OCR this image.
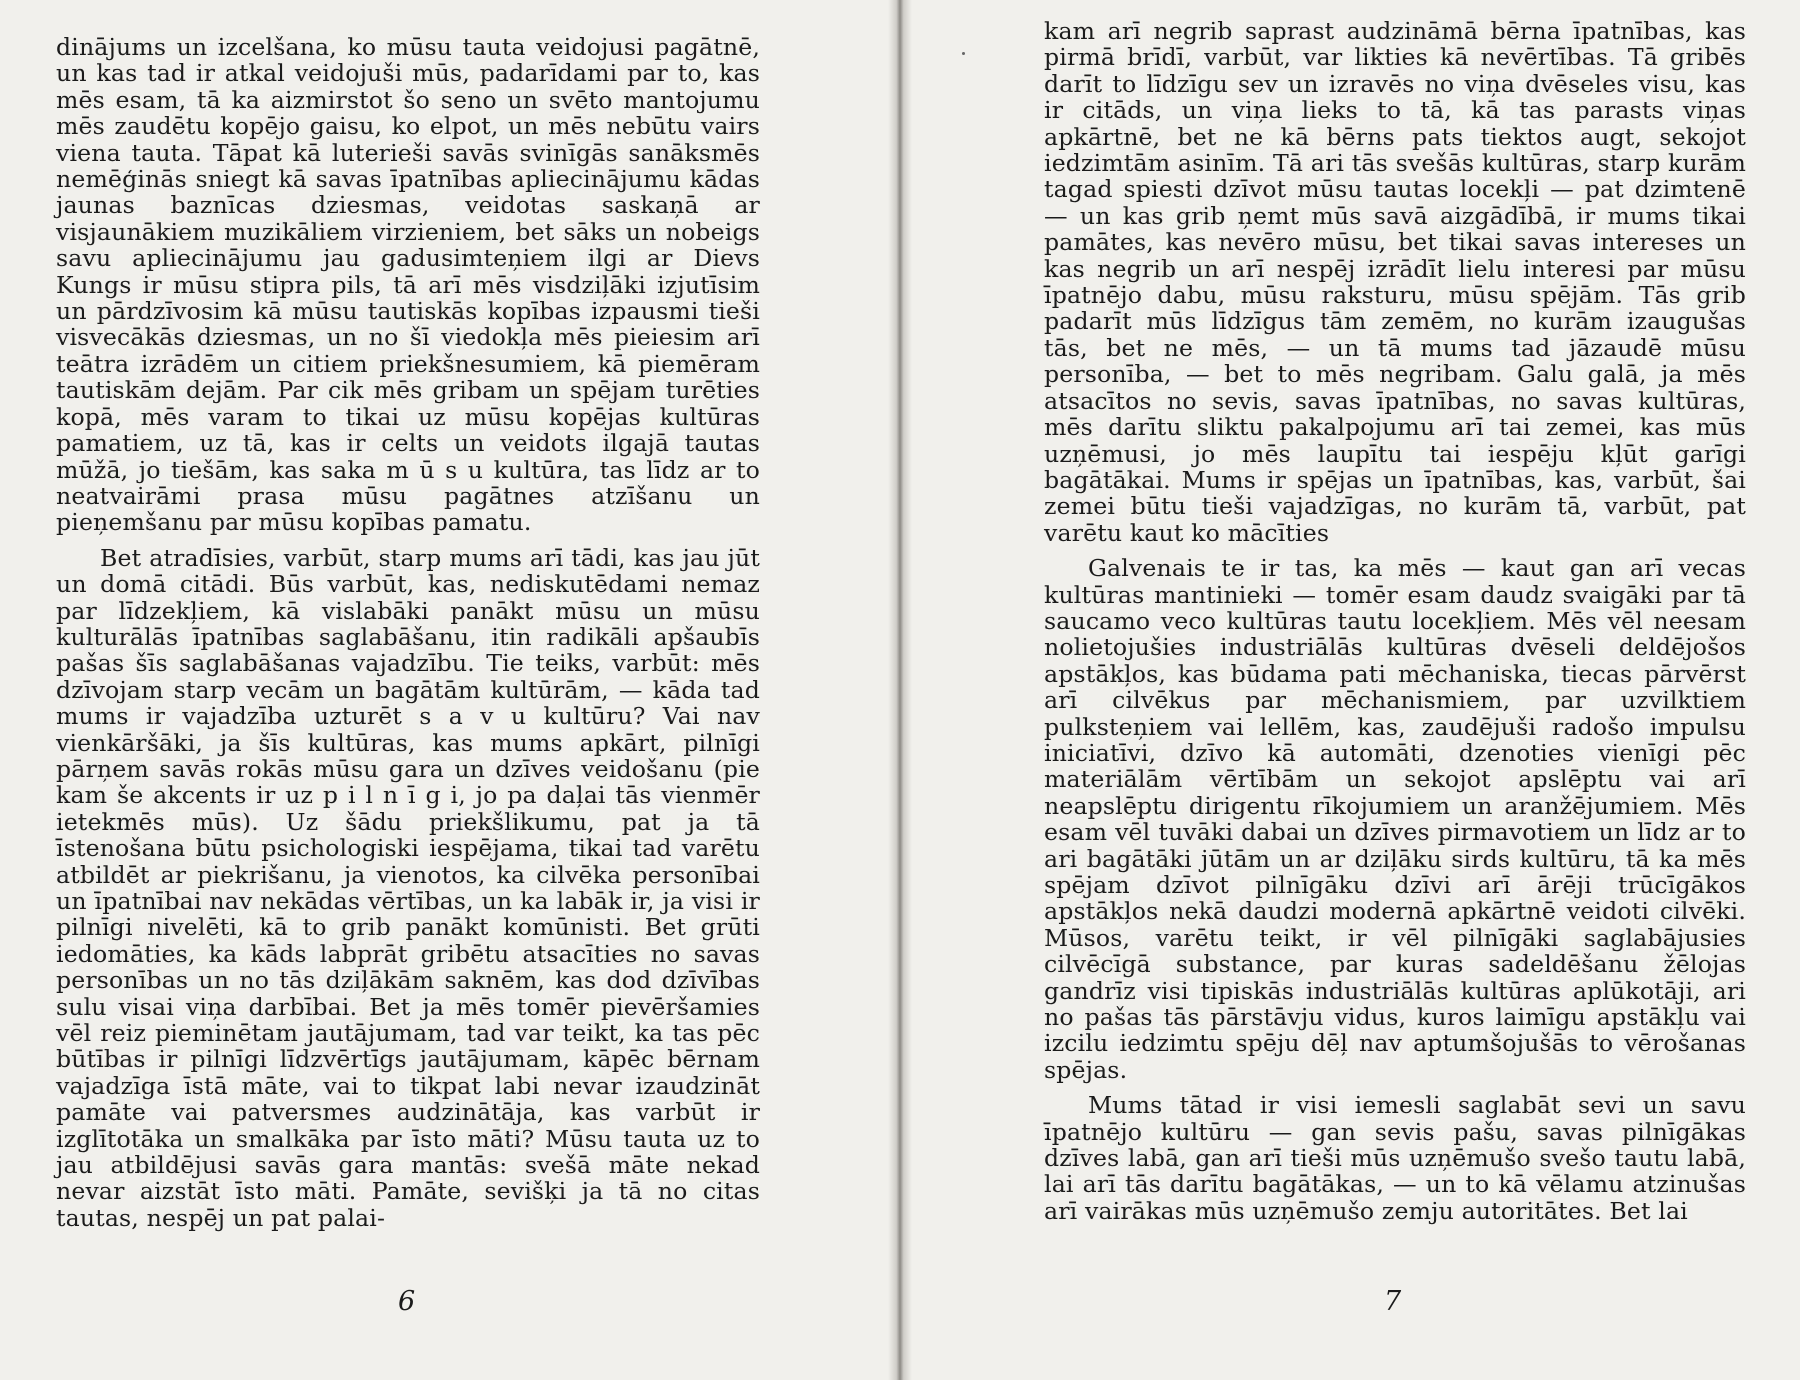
dinājums un izcelšana, ko mūsu tauta veidojusi pagātnē, un kas tad ir atkal veidojuši mūs, padarīdami par to, kas mēs esam, tā ka aizmirstot šo seno un svēto mantojumu mēs zaudētu kopējo gaisu, ko elpot, un mēs nebūtu vairs viena tauta. Tāpat kā luterieši savās svinīgās sanāksmēs nemēģinās sniegt kā savas īpatnības apliecinājumu kādas jaunas baznīcas dziesmas, veidotas saskaņā ar visjaunākiem muzikāliem virzieniem, bet sāks un nobeigs savu apliecinājumu jau gadusimteņiem ilgi ar Dievs Kungs ir mūsu stipra pils, tā arī mēs visdziļāki izjutīsim un pārdzīvosim kā mūsu tautiskās kopības izpausmi tieši visvecākās dziesmas, un no šī viedokļa mēs pieiesim arī teātra izrādēm un citiem priekšnesumiem, kā piemēram tautiskām dejām. Par cik mēs gribam un spējam turēties kopā, mēs varam to tikai uz mūsu kopējas kultūras pamatiem, uz tā, kas ir celts un veidots ilgajā tautas mūžā, jo tiešām, kas saka m ū s u kultūra, tas līdz ar to neatvairāmi prasa mūsu pagātnes atzīšanu un pieņemšanu par mūsu kopības pamatu.

Bet atradīsies, varbūt, starp mums arī tādi, kas jau jūt un domā citādi. Būs varbūt, kas, nediskutēdami nemaz par līdzekļiem, kā vislabāki panākt mūsu un mūsu kulturālās īpatnības saglabāšanu, itin radikāli apšaubīs pašas šīs saglabāšanas vajadzību. Tie teiks, varbūt: mēs dzīvojam starp vecām un bagātām kultūrām, — kāda tad mums ir vajadzība uzturēt s a v u kultūru? Vai nav vienkāršāki, ja šīs kultūras, kas mums apkārt, pilnīgi pārņem savās rokās mūsu gara un dzīves veidošanu (pie kam še akcents ir uz p i l n ī g i, jo pa daļai tās vienmēr ietekmēs mūs). Uz šādu priekšlikumu, pat ja tā īstenošana būtu psichologiski iespējama, tikai tad varētu atbildēt ar piekrišanu, ja vienotos, ka cilvēka personībai un īpatnībai nav nekādas vērtības, un ka labāk ir, ja visi ir pilnīgi nivelēti, kā to grib panākt komūnisti. Bet grūti iedomāties, ka kāds labprāt gribētu atsacīties no savas personības un no tās dziļākām saknēm, kas dod dzīvības sulu visai viņa darbībai. Bet ja mēs tomēr pievēršamies vēl reiz pieminētam jautājumam, tad var teikt, ka tas pēc būtības ir pilnīgi līdzvērtīgs jautājumam, kāpēc bērnam vajadzīga īstā māte, vai to tikpat labi nevar izaudzināt pamāte vai patversmes audzinātāja, kas varbūt ir izglītotāka un smalkāka par īsto māti? Mūsu tauta uz to jau atbildējusi savās gara mantās: svešā māte nekad nevar aizstāt īsto māti. Pamāte, sevišķi ja tā no citas tautas, nespēj un pat palai-

6

kam arī negrib saprast audzināmā bērna īpatnības, kas pirmā brīdī, varbūt, var likties kā nevērtības. Tā gribēs darīt to līdzīgu sev un izravēs no viņa dvēseles visu, kas ir citāds, un viņa lieks to tā, kā tas parasts viņas apkārtnē, bet ne kā bērns pats tiektos augt, sekojot iedzimtām asinīm. Tā ari tās svešās kultūras, starp kurām tagad spiesti dzīvot mūsu tautas locekļi — pat dzimtenē — un kas grib ņemt mūs savā aizgādībā, ir mums tikai pamātes, kas nevēro mūsu, bet tikai savas intereses un kas negrib un arī nespēj izrādīt lielu interesi par mūsu īpatnējo dabu, mūsu raksturu, mūsu spējām. Tās grib padarīt mūs līdzīgus tām zemēm, no kurām izaugušas tās, bet ne mēs, — un tā mums tad jāzaudē mūsu personība, — bet to mēs negribam. Galu galā, ja mēs atsacītos no sevis, savas īpatnības, no savas kultūras, mēs darītu sliktu pakalpojumu arī tai zemei, kas mūs uzņēmusi, jo mēs laupītu tai iespēju kļūt garīgi bagātākai. Mums ir spējas un īpatnības, kas, varbūt, šai zemei būtu tieši vajadzīgas, no kurām tā, varbūt, pat varētu kaut ko mācīties

Galvenais te ir tas, ka mēs — kaut gan arī vecas kultūras mantinieki — tomēr esam daudz svaigāki par tā saucamo veco kultūras tautu locekļiem. Mēs vēl neesam nolietojušies industriālās kultūras dvēseli deldējošos apstākļos, kas būdama pati mēchaniska, tiecas pārvērst arī cilvēkus par mēchanismiem, par uzvilktiem pulksteņiem vai lellēm, kas, zaudējuši radošo impulsu iniciatīvi, dzīvo kā automāti, dzenoties vienīgi pēc materiālām vērtībām un sekojot apslēptu vai arī neapslēptu dirigentu rīkojumiem un aranžējumiem. Mēs esam vēl tuvāki dabai un dzīves pirmavotiem un līdz ar to ari bagātāki jūtām un ar dziļāku sirds kultūru, tā ka mēs spējam dzīvot pilnīgāku dzīvi arī ārēji trūcīgākos apstākļos nekā daudzi modernā apkārtnē veidoti cilvēki. Mūsos, varētu teikt, ir vēl pilnīgāki saglabājusies cilvēcīgā substance, par kuras sadeldēšanu žēlojas gandrīz visi tipiskās industriālās kultūras aplūkotāji, ari no pašas tās pārstāvju vidus, kuros laimīgu apstākļu vai izcilu iedzimtu spēju dēļ nav aptumšojušās to vērošanas spējas.

Mums tātad ir visi iemesli saglabāt sevi un savu īpatnējo kultūru — gan sevis pašu, savas pilnīgākas dzīves labā, gan arī tieši mūs uzņēmušo svešo tautu labā, lai arī tās darītu bagātākas, — un to kā vēlamu atzinušas arī vairākas mūs uzņēmušo zemju autoritātes. Bet lai

7
